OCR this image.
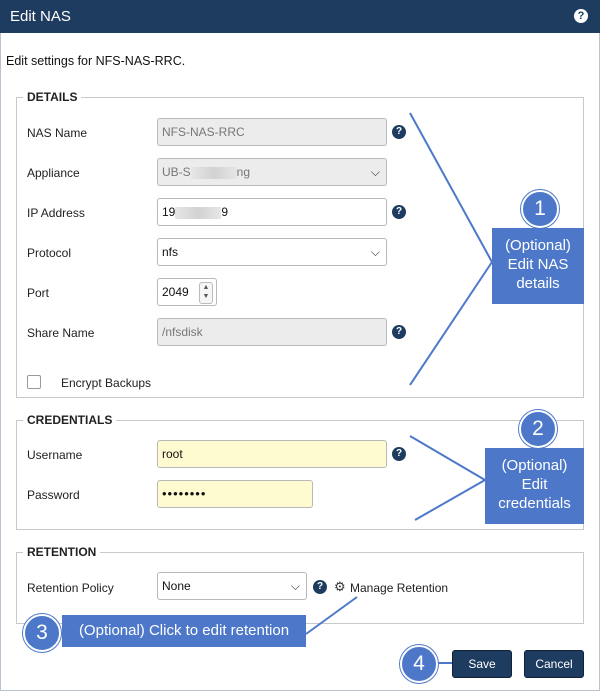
Edit NAS	?
Edit settings for NFS-NAS-RRC.
DETAILS
NAS Name	NFS-NAS-RRC	?
Appliance	UB-S	ng	⌵
IP Address	19	9	?
Protocol	nfs	⌵
Port	2049	▲
▼
Share Name	/nfsdisk	?
Encrypt Backups
CREDENTIALS
Username	root	?
Password	••••••••
RETENTION
Retention Policy	None	⌵	? ⚙ Manage Retention
(Optional)
Edit NAS
details
1
(Optional)
Edit
credentials
2
(Optional) Click to edit retention
3
4	Save	Cancel
